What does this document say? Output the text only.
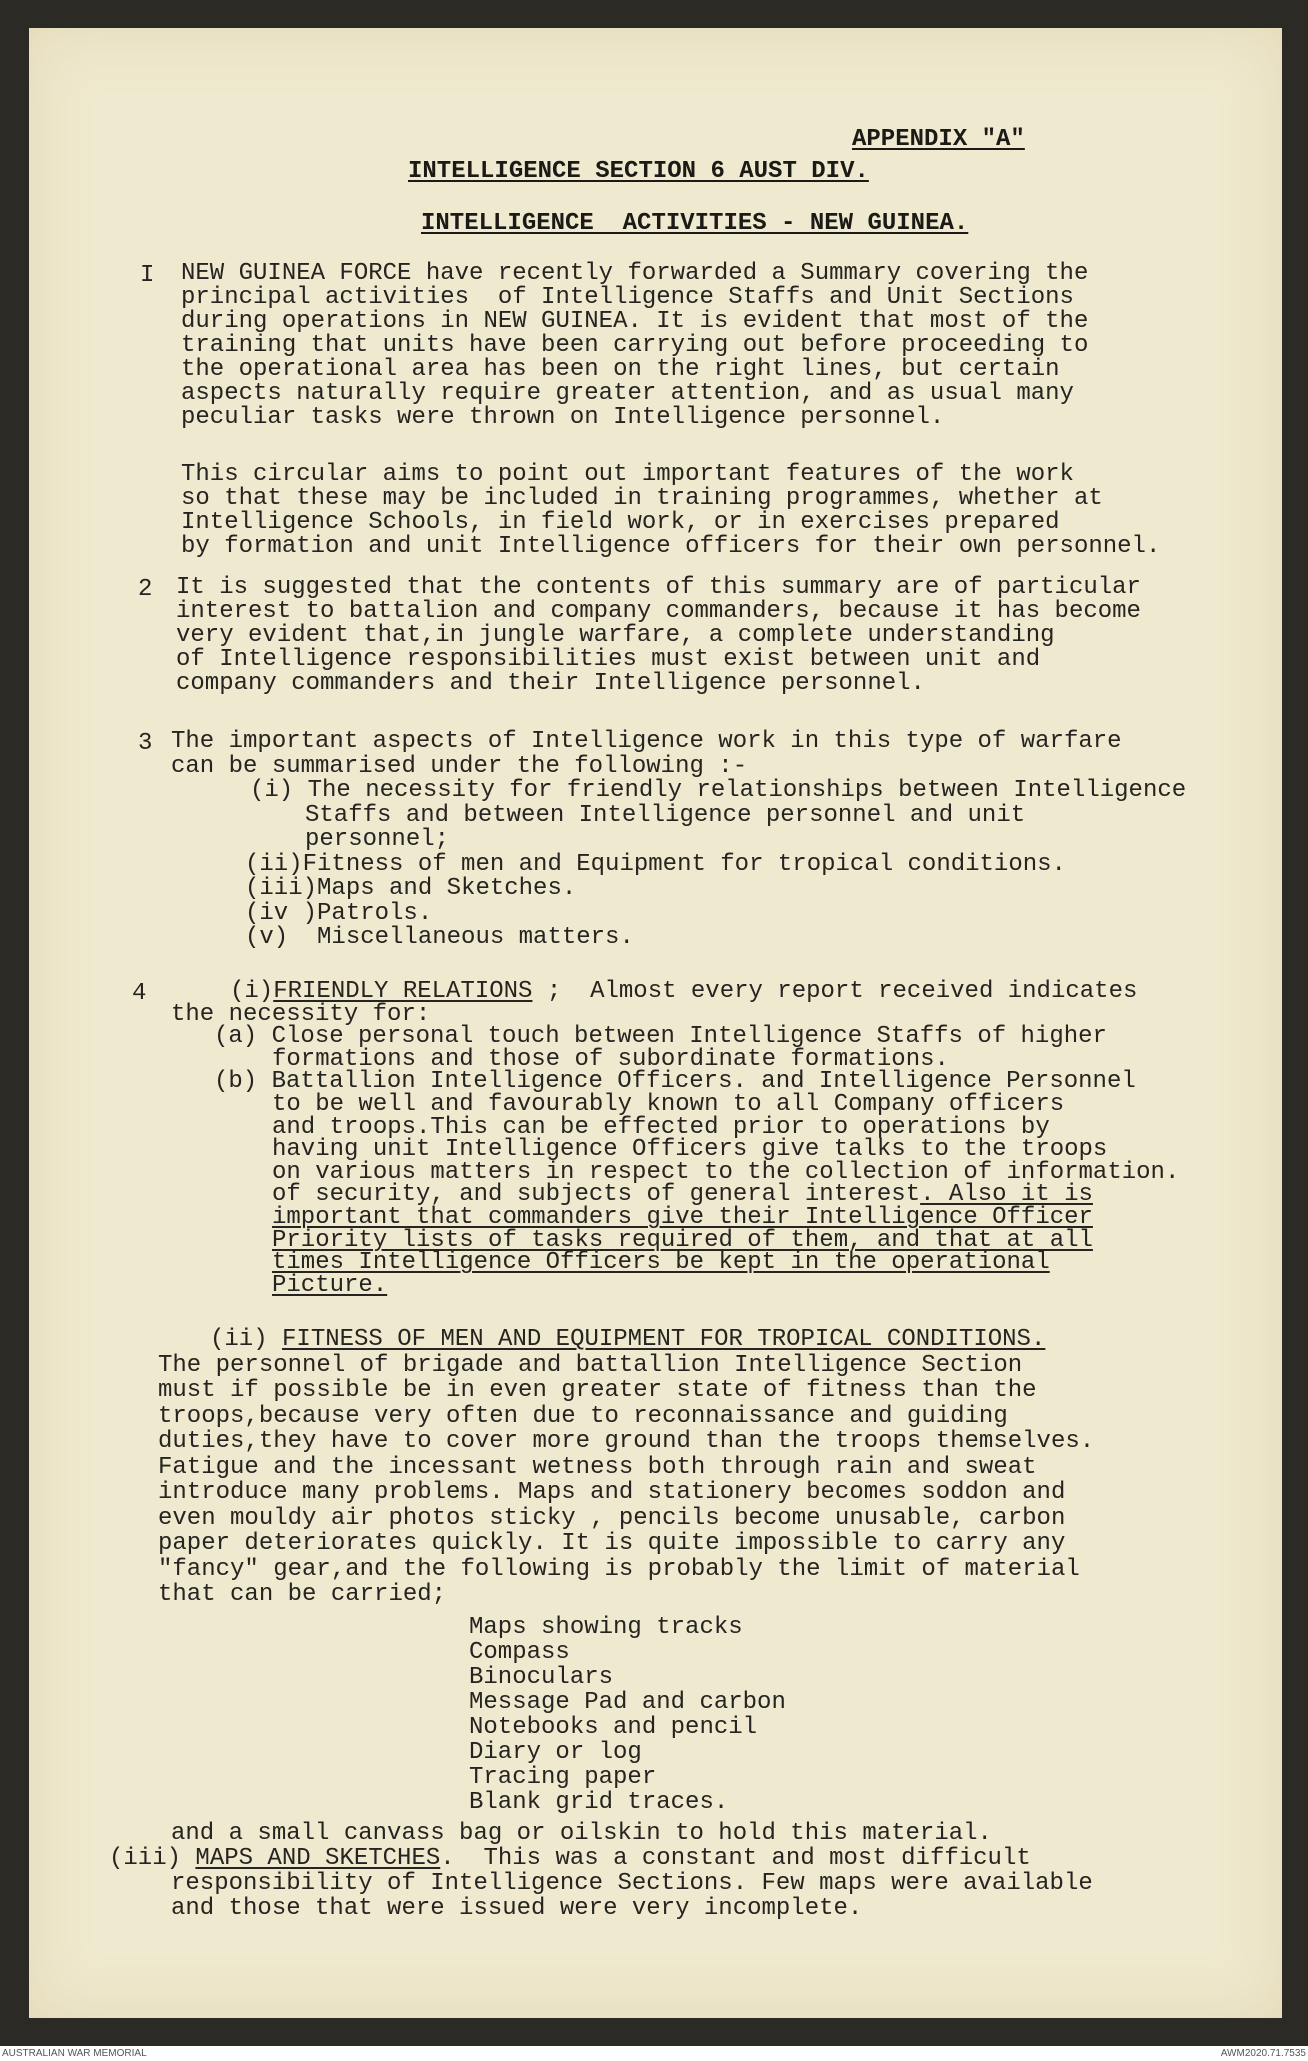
APPENDIX "A"
INTELLIGENCE SECTION 6 AUST DIV.
INTELLIGENCE  ACTIVITIES - NEW GUINEA.
I NEW GUINEA FORCE have recently forwarded a Summary covering the
principal activities  of Intelligence Staffs and Unit Sections
during operations in NEW GUINEA. It is evident that most of the
training that units have been carrying out before proceeding to
the operational area has been on the right lines, but certain
aspects naturally require greater attention, and as usual many
peculiar tasks were thrown on Intelligence personnel.
This circular aims to point out important features of the work
so that these may be included in training programmes, whether at
Intelligence Schools, in field work, or in exercises prepared
by formation and unit Intelligence officers for their own personnel.
2 It is suggested that the contents of this summary are of particular
interest to battalion and company commanders, because it has become
very evident that,in jungle warfare, a complete understanding
of Intelligence responsibilities must exist between unit and
company commanders and their Intelligence personnel.
3 The important aspects of Intelligence work in this type of warfare
can be summarised under the following :-
(i) The necessity for friendly relationships between Intelligence
Staffs and between Intelligence personnel and unit
personnel;
(ii)Fitness of men and Equipment for tropical conditions.
(iii)Maps and Sketches.
(iv )Patrols.
(v)  Miscellaneous matters.
4	(i)FRIENDLY RELATIONS ;  Almost every report received indicates
the necessity for:
(a) Close personal touch between Intelligence Staffs of higher
formations and those of subordinate formations.
(b) Battallion Intelligence Officers. and Intelligence Personnel
to be well and favourably known to all Company officers
and troops.This can be effected prior to operations by
having unit Intelligence Officers give talks to the troops
on various matters in respect to the collection of information.
of security, and subjects of general interest. Also it is
important that commanders give their Intelligence Officer
Priority lists of tasks required of them, and that at all
times Intelligence Officers be kept in the operational
Picture.
(ii) FITNESS OF MEN AND EQUIPMENT FOR TROPICAL CONDITIONS.
The personnel of brigade and battallion Intelligence Section
must if possible be in even greater state of fitness than the
troops,because very often due to reconnaissance and guiding
duties,they have to cover more ground than the troops themselves.
Fatigue and the incessant wetness both through rain and sweat
introduce many problems. Maps and stationery becomes soddon and
even mouldy air photos sticky , pencils become unusable, carbon
paper deteriorates quickly. It is quite impossible to carry any
"fancy" gear,and the following is probably the limit of material
that can be carried;
Maps showing tracks
Compass
Binoculars
Message Pad and carbon
Notebooks and pencil
Diary or log
Tracing paper
Blank grid traces.
and a small canvass bag or oilskin to hold this material.
(iii) MAPS AND SKETCHES.  This was a constant and most difficult
responsibility of Intelligence Sections. Few maps were available
and those that were issued were very incomplete.
AUSTRALIAN WAR MEMORIAL	AWM2020.71.7535
